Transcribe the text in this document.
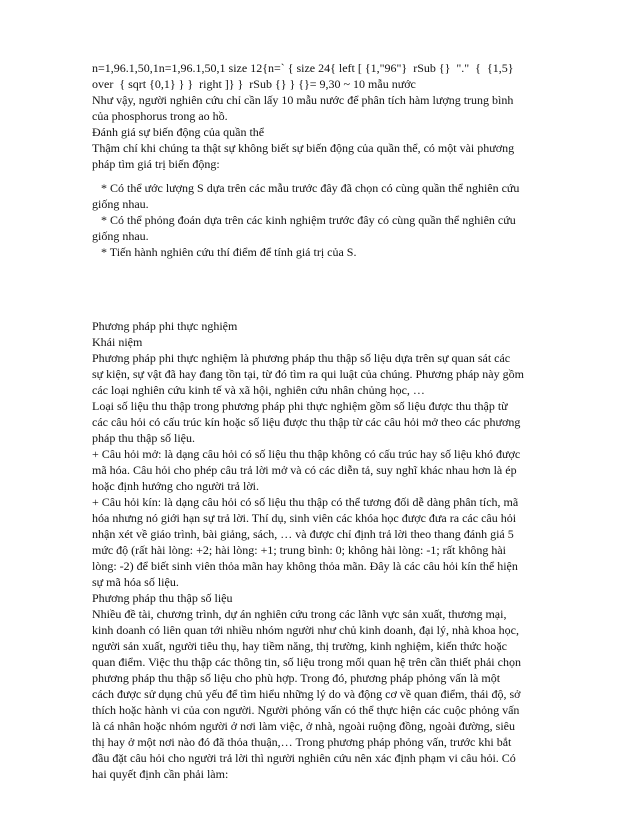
n=1,96.1,50,1n=1,96.1,50,1 size 12{n=` { size 24{ left [ {1,"96"}  rSub {}  "."  {  {1,5}
over  { sqrt {0,1} } }  right ]} }  rSub {} } {}= 9,30 ~ 10 mẫu nước
Như vậy, người nghiên cứu chỉ cần lấy 10 mẫu nước để phân tích hàm lượng trung bình
của phosphorus trong ao hồ.
Đánh giá sự biến động của quần thể
Thậm chí khi chúng ta thật sự không biết sự biến động của quần thể, có một vài phương
pháp tìm giá trị biến động:
* Có thể ước lượng S dựa trên các mẫu trước đây đã chọn có cùng quần thể nghiên cứu
giống nhau.
* Có thể phỏng đoán dựa trên các kinh nghiệm trước đây có cùng quần thể nghiên cứu
giống nhau.
* Tiến hành nghiên cứu thí điểm để tính giá trị của S.
Phương pháp phi thực nghiệm
Khái niệm
Phương pháp phi thực nghiệm là phương pháp thu thập số liệu dựa trên sự quan sát các
sự kiện, sự vật đã hay đang tồn tại, từ đó tìm ra qui luật của chúng. Phương pháp này gồm
các loại nghiên cứu kinh tế và xã hội, nghiên cứu nhân chủng học, …
Loại số liệu thu thập trong phương pháp phi thực nghiệm gồm số liệu được thu thập từ
các câu hỏi có cấu trúc kín hoặc số liệu được thu thập từ các câu hỏi mở theo các phương
pháp thu thập số liệu.
+ Câu hỏi mở: là dạng câu hỏi có số liệu thu thập không có cấu trúc hay số liệu khó được
mã hóa. Câu hỏi cho phép câu trả lời mở và có các diễn tả, suy nghĩ khác nhau hơn là ép
hoặc định hướng cho người trả lời.
+ Câu hỏi kín: là dạng câu hỏi có số liệu thu thập có thể tương đối dễ dàng phân tích, mã
hóa nhưng nó giới hạn sự trả lời. Thí dụ, sinh viên các khóa học được đưa ra các câu hỏi
nhận xét về giáo trình, bài giảng, sách, … và được chỉ định trả lời theo thang đánh giá 5
mức độ (rất hài lòng: +2; hài lòng: +1; trung bình: 0; không hài lòng: -1; rất không hài
lòng: -2) để biết sinh viên thỏa mãn hay không thỏa mãn. Đây là các câu hỏi kín thể hiện
sự mã hóa số liệu.
Phương pháp thu thập số liệu
Nhiều đề tài, chương trình, dự án nghiên cứu trong các lãnh vực sản xuất, thương mại,
kinh doanh có liên quan tới nhiều nhóm người như chủ kinh doanh, đại lý, nhà khoa học,
người sản xuất, người tiêu thụ, hay tiềm năng, thị trường, kinh nghiệm, kiến thức hoặc
quan điểm. Việc thu thập các thông tin, số liệu trong mối quan hệ trên cần thiết phải chọn
phương pháp thu thập số liệu cho phù hợp. Trong đó, phương pháp phỏng vấn là một
cách được sử dụng chủ yếu để tìm hiểu những lý do và động cơ về quan điểm, thái độ, sở
thích hoặc hành vi của con người. Người phỏng vấn có thể thực hiện các cuộc phỏng vấn
là cá nhân hoặc nhóm người ở nơi làm việc, ở nhà, ngoài ruộng đồng, ngoài đường, siêu
thị hay ở một nơi nào đó đã thỏa thuận,… Trong phương pháp phỏng vấn, trước khi bắt
đầu đặt câu hỏi cho người trả lời thì người nghiên cứu nên xác định phạm vi câu hỏi. Có
hai quyết định cần phải làm:
